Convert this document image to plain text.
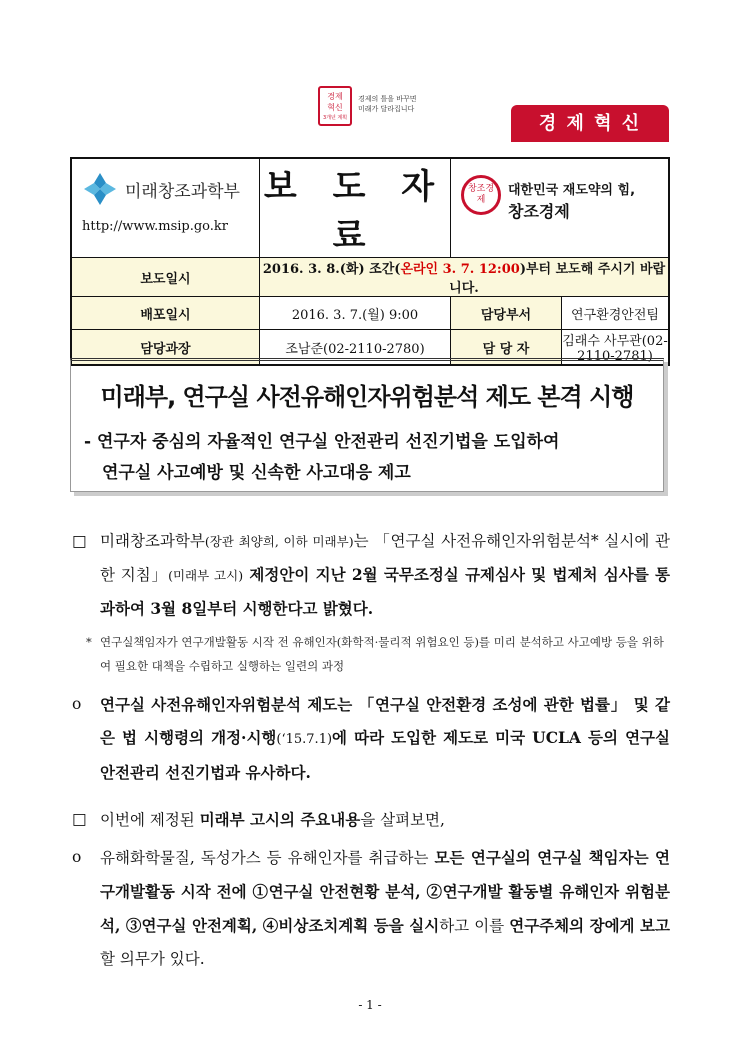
경제
혁신
3개년 계획
경제의 틀을 바꾸면
미래가 달라집니다
경 제 혁 신
미래창조과학부
http://www.msip.go.kr	보 도 자 료	창조경제
대한민국 재도약의 힘,
창조경제	

보도일시	2016. 3. 8.(화) 조간(온라인 3. 7. 12:00)부터 보도해 주시기 바랍니다.		
배포일시	2016. 3. 7.(월) 9:00	담당부서	연구환경안전팀
담당과장	조남준(02-2110-2780)	담 당 자	김래수 사무관(02-2110-2781)
미래부, 연구실 사전유해인자위험분석 제도 본격 시행
- 연구자 중심의 자율적인 연구실 안전관리 선진기법을 도입하여
연구실 사고예방 및 신속한 사고대응 제고
□ 미래창조과학부(장관 최양희, 이하 미래부)는 「연구실 사전유해인자위험분석* 실시에 관한 지침」(미래부 고시) 제정안이 지난 2월 국무조정실 규제심사 및 법제처 심사를 통과하여 3월 8일부터 시행한다고 밝혔다.
* 연구실책임자가 연구개발활동 시작 전 유해인자(화학적·물리적 위험요인 등)를 미리 분석하고 사고예방 등을 위하여 필요한 대책을 수립하고 실행하는 일련의 과정
o	연구실 사전유해인자위험분석 제도는 「연구실 안전환경 조성에 관한 법률」 및 같은 법 시행령의 개정·시행(‘15.7.1)에 따라 도입한 제도로 미국 UCLA 등의 연구실 안전관리 선진기법과 유사하다.
□ 이번에 제정된 미래부 고시의 주요내용을 살펴보면,
o	유해화학물질, 독성가스 등 유해인자를 취급하는 모든 연구실의 연구실 책임자는 연구개발활동 시작 전에 ①연구실 안전현황 분석, ②연구개발 활동별 유해인자 위험분석, ③연구실 안전계획, ④비상조치계획 등을 실시하고 이를 연구주체의 장에게 보고할 의무가 있다.
- 1 -
